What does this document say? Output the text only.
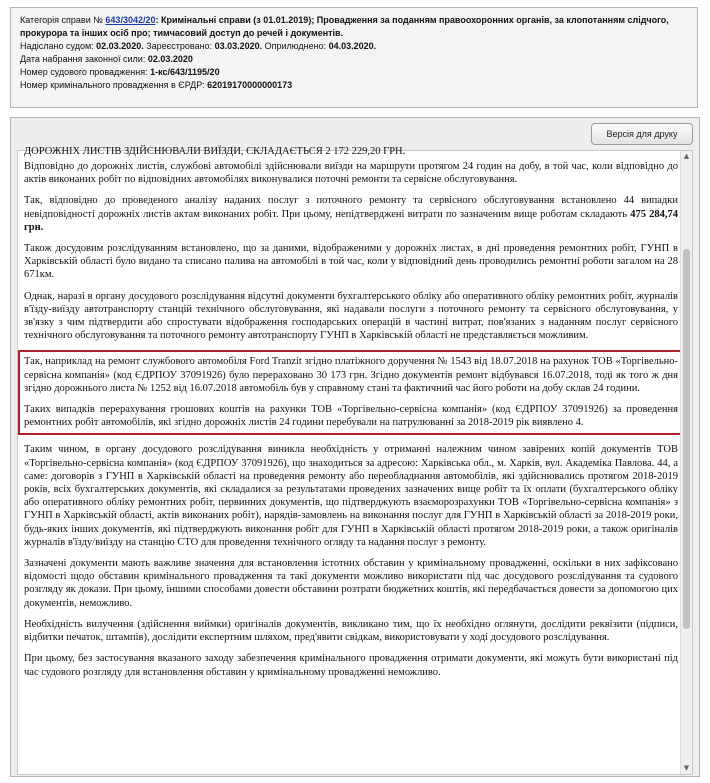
Категорія справи № 643/3042/20: Кримінальні справи (з 01.01.2019); Провадження за поданням правоохоронних органів, за клопотанням слідчого,
прокурора та інших осіб про; тимчасовий доступ до речей і документів.
Надіслано судом: 02.03.2020. Зареєстровано: 03.03.2020. Оприлюднено: 04.03.2020.
Дата набрання законної сили: 02.03.2020
Номер судового провадження: 1-кс/643/1195/20
Номер кримінального провадження в ЄРДР: 62019170000000173
Версія для друку

ДОРОЖНІХ ЛИСТІВ ЗДІЙСНЮВАЛИ ВИЇЗДИ, СКЛАДАЄТЬСЯ 2 172 229,20 ГРН.

Відповідно до дорожніх листів, службові автомобілі здійснювали виїзди на маршрути протягом 24 годин на добу, в той час, коли відповідно до актів виконаних робіт по відповідних автомобілях виконувалися поточні ремонти та сервісне обслуговування.

Так, відповідно до проведеного аналізу наданих послуг з поточного ремонту та сервісного обслуговування встановлено 44 випадки невідповідності дорожніх листів актам виконаних робіт. При цьому, непідтверджені витрати по зазначеним вище роботам складають 475 284,74 грн.

Також досудовим розслідуванням встановлено, що за даними, відображеними у дорожніх листах, в дні проведення ремонтних робіт, ГУНП в Харківській області було видано та списано палива на автомобілі в той час, коли у відповідний день проводились ремонтні роботи загалом на 28 671км.

Однак, наразі в органу досудового розслідування відсутні документи бухгалтерського обліку або оперативного обліку ремонтних робіт, журналів в'їзду-виїзду автотранспорту станцій технічного обслуговування, які надавали послуги з поточного ремонту та сервісного обслуговування, у зв'язку з чим підтвердити або спростувати відображення господарських операцій в частині витрат, пов'язаних з наданням послуг сервісного технічного обслуговування та поточного ремонту автотранспорту ГУНП в Харківській області не представляється можливим.

Так, наприклад на ремонт службового автомобіля Ford Tranzit згідно платіжного доручення № 1543 від 18.07.2018 на рахунок ТОВ «Торгівельно-сервісна компанія» (код ЄДРПОУ 37091926) було перераховано 30 173 грн. Згідно документів ремонт відбувався 16.07.2018, тоді як того ж дня згідно дорожнього листа № 1252 від 16.07.2018 автомобіль був у справному стані та фактичний час його роботи на добу склав 24 години.

Таких випадків перерахування грошових коштів на рахунки ТОВ «Торгівельно-сервісна компанія» (код ЄДРПОУ 37091926) за проведення ремонтних робіт автомобілів, які згідно дорожніх листів 24 години перебували на патрулюванні за 2018-2019 рік виявлено 4.

Таким чином, в органу досудового розслідування виникла необхідність у отриманні належним чином завірених копій документів ТОВ «Торгівельно-сервісна компанія» (код ЄДРПОУ 37091926), що знаходиться за адресою: Харківська обл., м. Харків, вул. Академіка Павлова. 44, а саме: договорів з ГУНП в Харківській області на проведення ремонту або переобладнання автомобілів, які здійснювались протягом 2018-2019 років, всіх бухгалтерських документів, які складалися за результатами проведених зазначених вище робіт та їх оплати (бухгалтерського обліку або оперативного обліку ремонтних робіт, первинних документів, що підтверджують взаєморозрахунки ТОВ «Торгівельно-сервісна компанія» з ГУНП в Харківській області, актів виконаних робіт), нарядів-замовлень на виконання послуг для ГУНП в Харківській області за 2018-2019 роки, будь-яких інших документів, які підтверджують виконання робіт для ГУНП в Харківській області протягом 2018-2019 роки, а також оригіналів журналів в'їзду/виїзду на станцію СТО для проведення технічного огляду та надання послуг з ремонту.

Зазначені документи мають важливе значення для встановлення істотних обставин у кримінальному провадженні, оскільки в них зафіксовано відомості щодо обставин кримінального провадження та такі документи можливо використати під час досудового розслідування та судового розгляду як докази. При цьому, іншими способами довести обставини розтрати бюджетних коштів, які передбачається довести за допомогою цих документів, неможливо.

Необхідність вилучення (здійснення виймки) оригіналів документів, викликано тим, що їх необхідно оглянути, дослідити реквізити (підписи, відбитки печаток, штампів), дослідити експертним шляхом, пред'явити свідкам, використовувати у ході досудового розслідування.

При цьому, без застосування вказаного заходу забезпечення кримінального провадження отримати документи, які можуть бути використані під час судового розгляду для встановлення обставин у кримінальному провадженні неможливо.

▲
▼
